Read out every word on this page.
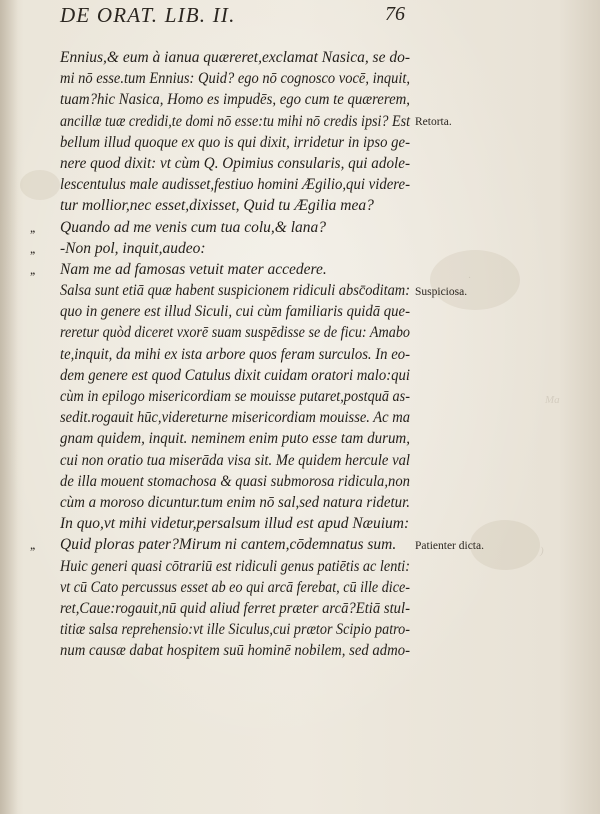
DE ORAT. LIB. II.	76
Ennius,& eum à ianua quæreret,exclamat Nasica, se do-
mi nō esse.tum Ennius: Quid? ego nō cognosco vocē, inquit,
tuam?hic Nasica, Homo es impudēs, ego cum te quærerem,
ancillæ tuæ credidi,te domi nō esse:tu mihi nō credis ipsi? Est
bellum illud quoque ex quo is qui dixit, irridetur in ipso ge-
nere quod dixit: vt cùm Q. Opimius consularis, qui adole-
lescentulus male audisset,festiuo homini Ægilio,qui videre-
tur mollior,nec esset,dixisset, Quid tu Ægilia mea?
,, Quando ad me venis cum tua colu,& lana?
,, -Non pol, inquit,audeo:
,, Nam me ad famosas vetuit mater accedere.
Salsa sunt etiā quæ habent suspicionem ridiculi absc̄oditam:
quo in genere est illud Siculi, cui cùm familiaris quidā que-
reretur quòd diceret vxorē suam suspēdisse se de ficu: Amabo
te,inquit, da mihi ex ista arbore quos feram surculos. In eo-
dem genere est quod Catulus dixit cuidam oratori malo:qui
cùm in epilogo misericordiam se mouisse putaret,postquā as-
sedit.rogauit hūc,videreturne misericordiam mouisse. Ac ma
gnam quidem, inquit. neminem enim puto esse tam durum,
cui non oratio tua miserāda visa sit. Me quidem hercule val
de illa mouent stomachosa & quasi submorosa ridicula,non
cùm a moroso dicuntur.tum enim nō sal,sed natura ridetur.
In quo,vt mihi videtur,persalsum illud est apud Næuium:
,, Quid ploras pater?Mirum ni cantem,cōdemnatus sum.
Huic generi quasi cōtrariū est ridiculi genus patiētis ac lenti:
vt cū Cato percussus esset ab eo qui arcā ferebat, cū ille dice-
ret,Caue:rogauit,nū quid aliud ferret præter arcā?Etiā stul-
titiæ salsa reprehensio:vt ille Siculus,cui prætor Scipio patro-
num causæ dabat hospitem suū hominē nobilem, sed admo-
Retorta.
Suspiciosa.
Patienter dicta.
Ma
)
·
